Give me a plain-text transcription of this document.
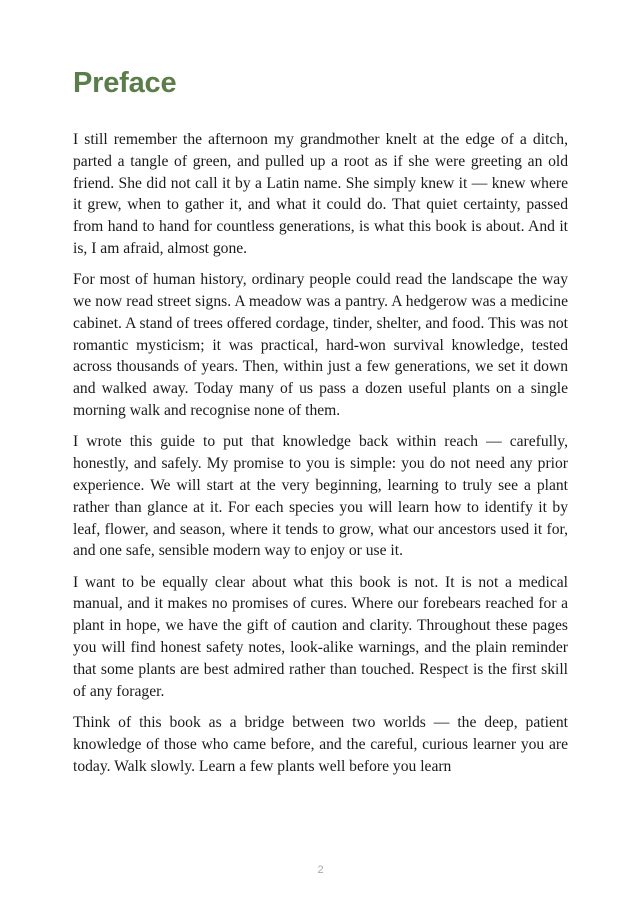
Preface

I still remember the afternoon my grandmother knelt at the edge of a ditch, parted a tangle of green, and pulled up a root as if she were greeting an old friend. She did not call it by a Latin name. She simply knew it — knew where it grew, when to gather it, and what it could do. That quiet certainty, passed from hand to hand for countless generations, is what this book is about. And it is, I am afraid, almost gone.

For most of human history, ordinary people could read the landscape the way we now read street signs. A meadow was a pantry. A hedgerow was a medicine cabinet. A stand of trees offered cordage, tinder, shelter, and food. This was not romantic mysticism; it was practical, hard-won survival knowledge, tested across thousands of years. Then, within just a few generations, we set it down and walked away. Today many of us pass a dozen useful plants on a single morning walk and recognise none of them.

I wrote this guide to put that knowledge back within reach — carefully, honestly, and safely. My promise to you is simple: you do not need any prior experience. We will start at the very beginning, learning to truly see a plant rather than glance at it. For each species you will learn how to identify it by leaf, flower, and season, where it tends to grow, what our ancestors used it for, and one safe, sensible modern way to enjoy or use it.

I want to be equally clear about what this book is not. It is not a medical manual, and it makes no promises of cures. Where our forebears reached for a plant in hope, we have the gift of caution and clarity. Throughout these pages you will find honest safety notes, look-alike warnings, and the plain reminder that some plants are best admired rather than touched. Respect is the first skill of any forager.

Think of this book as a bridge between two worlds — the deep, patient knowledge of those who came before, and the careful, curious learner you are today. Walk slowly. Learn a few plants well before you learn

2
